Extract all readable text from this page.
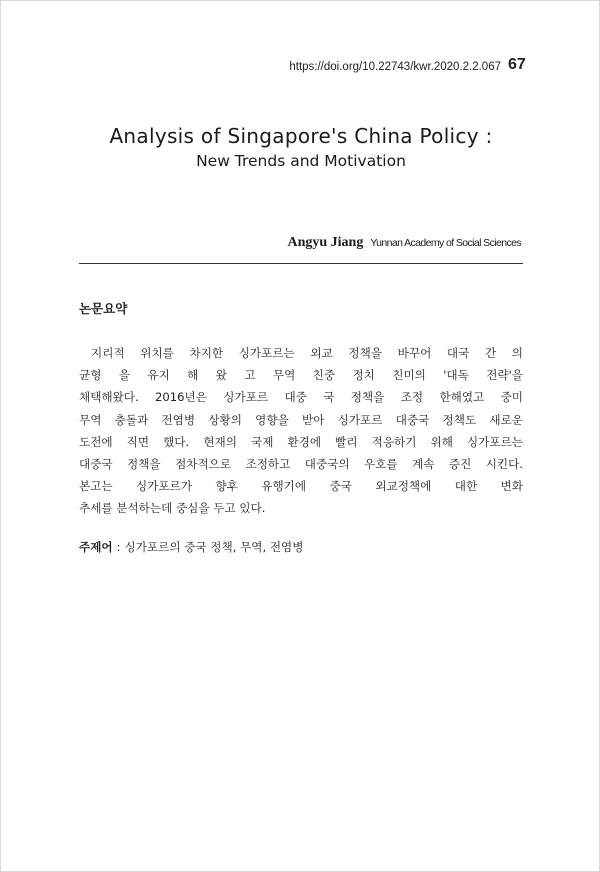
https://doi.org/10.22743/kwr.2020.2.2.067 67
Analysis of Singapore's China Policy :
New Trends and Motivation
Angyu Jiang Yunnan Academy of Social Sciences
논문요약
지리적 위치를 차지한 싱가포르는 외교 정책을 바꾸어 대국 간 의
균형 을 유지 해 왔 고 무역 친중 정치 친미의 '대독 전략'을
채택해왔다. 2016년은 싱가포르 대중 국 정책을 조정 한해였고 중미
무역 충돌과 전염병 상황의 영향을 받아 싱가포르 대중국 정책도 새로운
도전에 직면 했다. 현재의 국제 환경에 빨리 적응하기 위해 싱가포르는
대중국 정책을 점차적으로 조정하고 대중국의 우호를 계속 증진 시킨다.
본고는 싱가포르가 향후 유행기에 중국 외교정책에 대한 변화
추세를 분석하는데 중심을 두고 있다.
주제어 : 싱가포르의 중국 정책, 무역, 전염병
